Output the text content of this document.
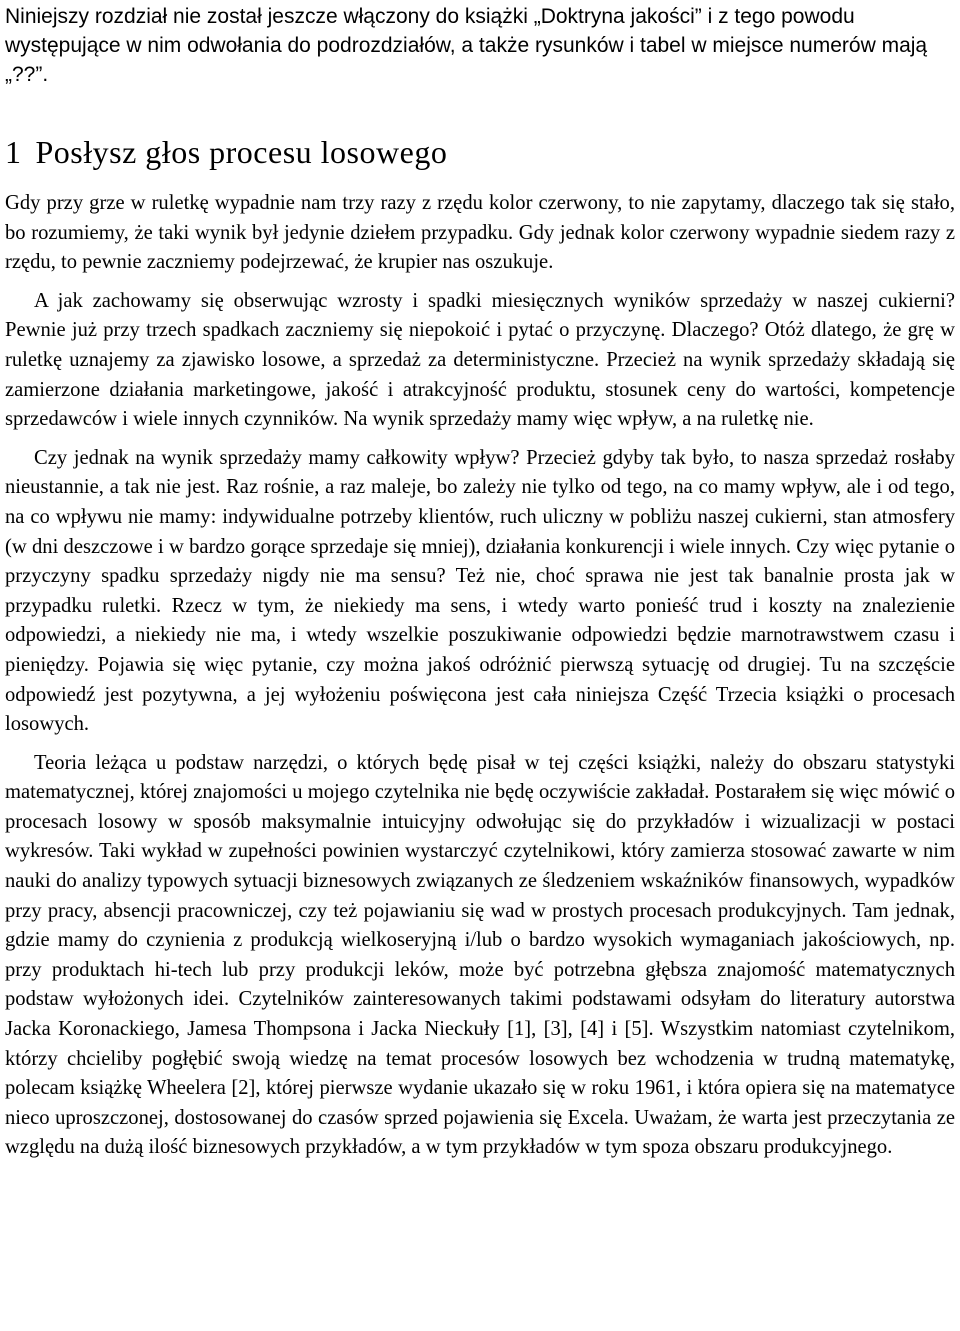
Niniejszy rozdział nie został jeszcze włączony do książki „Doktryna jakości” i z tego powodu występujące w nim odwołania do podrozdziałów, a także rysunków i tabel w miejsce numerów mają „??”.

1 Posłysz głos procesu losowego

Gdy przy grze w ruletkę wypadnie nam trzy razy z rzędu kolor czerwony, to nie zapytamy, dlaczego tak się stało, bo rozumiemy, że taki wynik był jedynie dziełem przypadku. Gdy jednak kolor czerwony wypadnie siedem razy z rzędu, to pewnie zaczniemy podejrzewać, że krupier nas oszukuje.

A jak zachowamy się obserwując wzrosty i spadki miesięcznych wyników sprzedaży w naszej cukierni? Pewnie już przy trzech spadkach zaczniemy się niepokoić i pytać o przyczynę. Dlaczego? Otóż dlatego, że grę w ruletkę uznajemy za zjawisko losowe, a sprzedaż za deterministyczne. Przecież na wynik sprzedaży składają się zamierzone działania marketingowe, jakość i atrakcyjność produktu, stosunek ceny do wartości, kompetencje sprzedawców i wiele innych czynników. Na wynik sprzedaży mamy więc wpływ, a na ruletkę nie.

Czy jednak na wynik sprzedaży mamy całkowity wpływ? Przecież gdyby tak było, to nasza sprzedaż rosłaby nieustannie, a tak nie jest. Raz rośnie, a raz maleje, bo zależy nie tylko od tego, na co mamy wpływ, ale i od tego, na co wpływu nie mamy: indywidualne potrzeby klientów, ruch uliczny w pobliżu naszej cukierni, stan atmosfery (w dni deszczowe i w bardzo gorące sprzedaje się mniej), działania konkurencji i wiele innych. Czy więc pytanie o przyczyny spadku sprzedaży nigdy nie ma sensu? Też nie, choć sprawa nie jest tak banalnie prosta jak w przypadku ruletki. Rzecz w tym, że niekiedy ma sens, i wtedy warto ponieść trud i koszty na znalezienie odpowiedzi, a niekiedy nie ma, i wtedy wszelkie poszukiwanie odpowiedzi będzie marnotrawstwem czasu i pieniędzy. Pojawia się więc pytanie, czy można jakoś odróżnić pierwszą sytuację od drugiej. Tu na szczęście odpowiedź jest pozytywna, a jej wyłożeniu poświęcona jest cała niniejsza Część Trzecia książki o procesach losowych.

Teoria leżąca u podstaw narzędzi, o których będę pisał w tej części książki, należy do obszaru statystyki matematycznej, której znajomości u mojego czytelnika nie będę oczywiście zakładał. Postarałem się więc mówić o procesach losowy w sposób maksymalnie intuicyjny odwołując się do przykładów i wizualizacji w postaci wykresów. Taki wykład w zupełności powinien wystarczyć czytelnikowi, który zamierza stosować zawarte w nim nauki do analizy typowych sytuacji biznesowych związanych ze śledzeniem wskaźników finansowych, wypadków przy pracy, absencji pracowniczej, czy też pojawianiu się wad w prostych procesach produkcyjnych. Tam jednak, gdzie mamy do czynienia z produkcją wielkoseryjną i/lub o bardzo wysokich wymaganiach jakościowych, np. przy produktach hi-tech lub przy produkcji leków, może być potrzebna głębsza znajomość matematycznych podstaw wyłożonych idei. Czytelników zainteresowanych takimi podstawami odsyłam do literatury autorstwa Jacka Koronackiego, Jamesa Thompsona i Jacka Nieckuły [1], [3], [4] i [5]. Wszystkim natomiast czytelnikom, którzy chcieliby pogłębić swoją wiedzę na temat procesów losowych bez wchodzenia w trudną matematykę, polecam książkę Wheelera [2], której pierwsze wydanie ukazało się w roku 1961, i która opiera się na matematyce nieco uproszczonej, dostosowanej do czasów sprzed pojawienia się Excela. Uważam, że warta jest przeczytania ze względu na dużą ilość biznesowych przykładów, a w tym przykładów w tym spoza obszaru produkcyjnego.
